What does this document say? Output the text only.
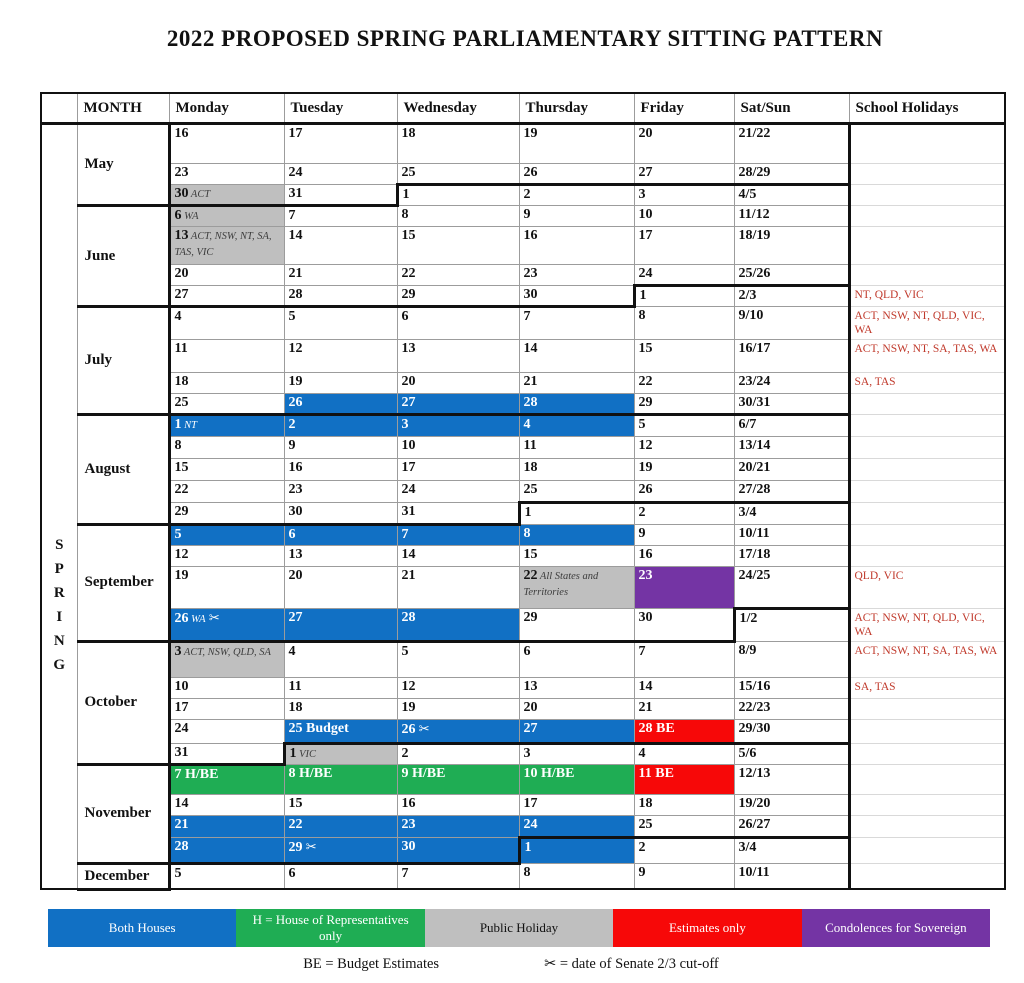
2022 PROPOSED SPRING PARLIAMENTARY SITTING PATTERN
	MONTH	Monday	Tuesday	Wednesday	Thursday	Friday	Sat/Sun	School Holidays

S
P
R
I
N
G
	May	16	17	18	19	20	21/22	
		23	24	25	26	27	28/29	
		30 ACT	31	1	2	3	4/5	
	June	6 WA	7	8	9	10	11/12	
		13 ACT, NSW, NT, SA, TAS, VIC	14	15	16	17	18/19	
		20	21	22	23	24	25/26	
		27	28	29	30	1	2/3	NT, QLD, VIC
	July	4	5	6	7	8	9/10	ACT, NSW, NT, QLD, VIC, WA
		11	12	13	14	15	16/17	ACT, NSW, NT, SA, TAS, WA
		18	19	20	21	22	23/24	SA, TAS
		25	26	27	28	29	30/31	
	August	1 NT	2	3	4	5	6/7	
		8	9	10	11	12	13/14	
		15	16	17	18	19	20/21	
		22	23	24	25	26	27/28	
		29	30	31	1	2	3/4	
	September	5	6	7	8	9	10/11	
		12	13	14	15	16	17/18	
		19	20	21	22 All States and Territories	23	24/25	QLD, VIC
		26 WA ✂	27	28	29	30	1/2	ACT, NSW, NT, QLD, VIC, WA
	October	3 ACT, NSW, QLD, SA	4	5	6	7	8/9	ACT, NSW, NT, SA, TAS, WA
		10	11	12	13	14	15/16	SA, TAS
		17	18	19	20	21	22/23	
		24	25 Budget	26 ✂	27	28 BE	29/30	
		31	1 VIC	2	3	4	5/6	
	November	7 H/BE	8 H/BE	9 H/BE	10 H/BE	11 BE	12/13	
		14	15	16	17	18	19/20	
		21	22	23	24	25	26/27	
		28	29 ✂	30	1	2	3/4	
	December	5	6	7	8	9	10/11	
Both Houses
H = House of Representatives only
Public Holiday	Estimates only	Condolences for Sovereign
BE = Budget Estimates	✂ = date of Senate 2/3 cut-off
